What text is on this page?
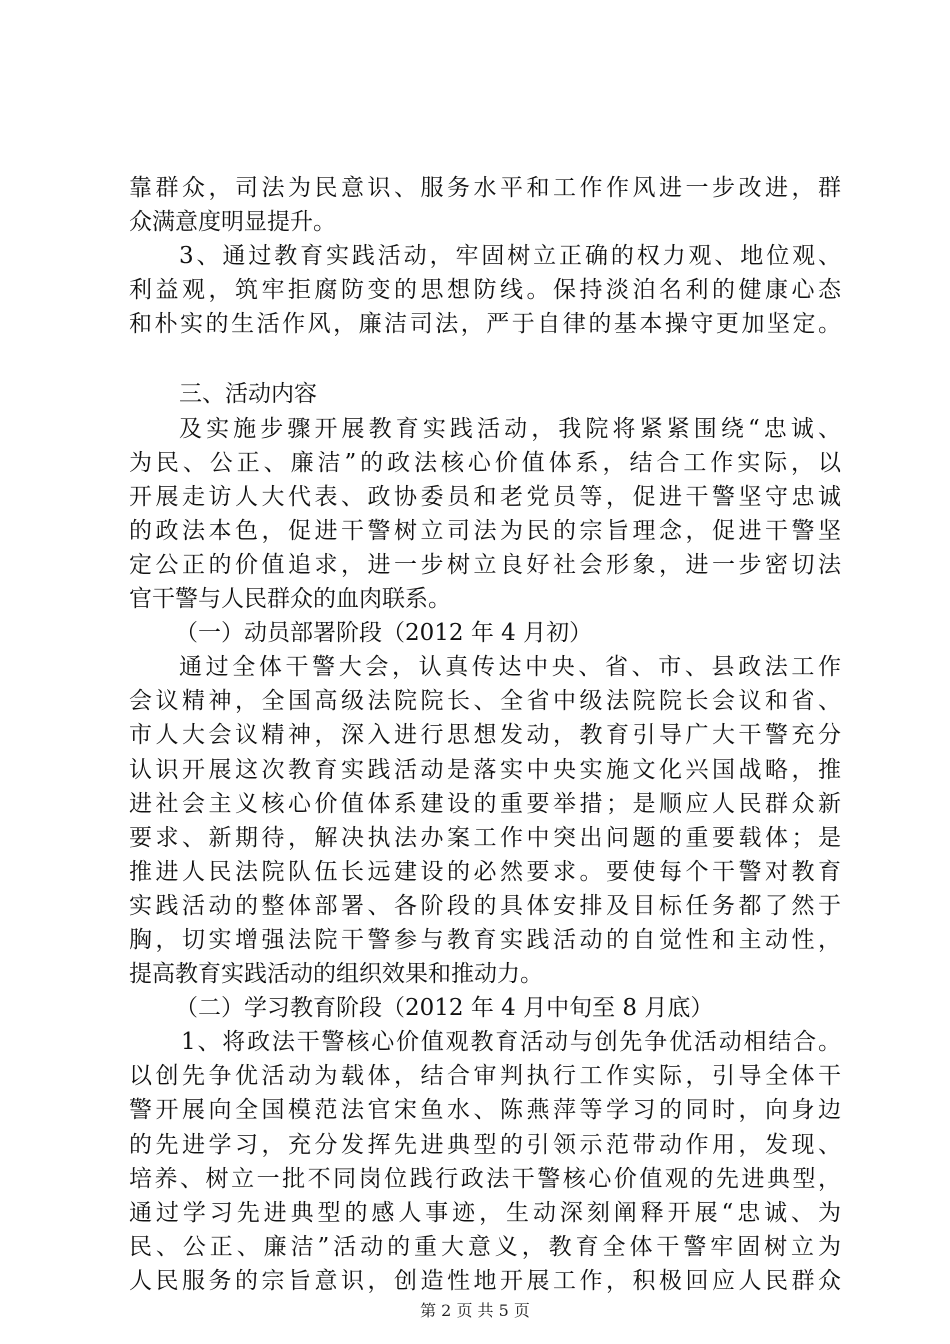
靠群众，司法为民意识、服务水平和工作作风进一步改进，群
众满意度明显提升。
3、通过教育实践活动，牢固树立正确的权力观、地位观、
利益观，筑牢拒腐防变的思想防线。保持淡泊名利的健康心态
和朴实的生活作风，廉洁司法，严于自律的基本操守更加坚定。
三、活动内容
及实施步骤开展教育实践活动，我院将紧紧围绕“忠诚、
为民、公正、廉洁”的政法核心价值体系，结合工作实际，以
开展走访人大代表、政协委员和老党员等，促进干警坚守忠诚
的政法本色，促进干警树立司法为民的宗旨理念，促进干警坚
定公正的价值追求，进一步树立良好社会形象，进一步密切法
官干警与人民群众的血肉联系。
（一）动员部署阶段（2012 年 4 月初）
通过全体干警大会，认真传达中央、省、市、县政法工作
会议精神，全国高级法院院长、全省中级法院院长会议和省、
市人大会议精神，深入进行思想发动，教育引导广大干警充分
认识开展这次教育实践活动是落实中央实施文化兴国战略，推
进社会主义核心价值体系建设的重要举措；是顺应人民群众新
要求、新期待，解决执法办案工作中突出问题的重要载体；是
推进人民法院队伍长远建设的必然要求。要使每个干警对教育
实践活动的整体部署、各阶段的具体安排及目标任务都了然于
胸，切实增强法院干警参与教育实践活动的自觉性和主动性，
提高教育实践活动的组织效果和推动力。
（二）学习教育阶段（2012 年 4 月中旬至 8 月底）
1、将政法干警核心价值观教育活动与创先争优活动相结合。
以创先争优活动为载体，结合审判执行工作实际，引导全体干
警开展向全国模范法官宋鱼水、陈燕萍等学习的同时，向身边
的先进学习，充分发挥先进典型的引领示范带动作用，发现、
培养、树立一批不同岗位践行政法干警核心价值观的先进典型，
通过学习先进典型的感人事迹，生动深刻阐释开展“忠诚、为
民、公正、廉洁”活动的重大意义，教育全体干警牢固树立为
人民服务的宗旨意识，创造性地开展工作，积极回应人民群众
第 2 页 共 5 页
